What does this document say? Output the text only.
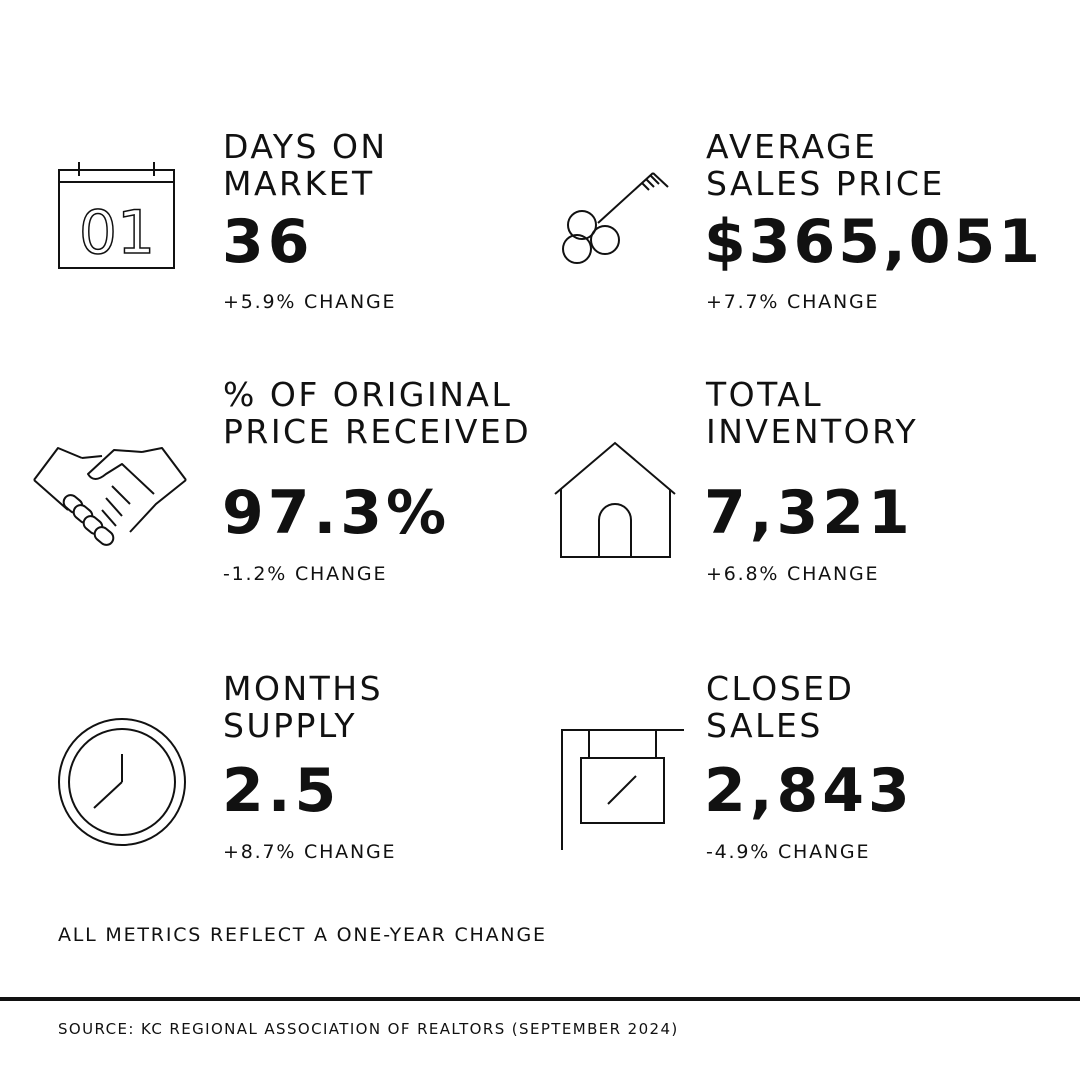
01
DAYS ON
MARKET
36
+5.9% CHANGE
AVERAGE
SALES PRICE
$365,051
+7.7% CHANGE
% OF ORIGINAL
PRICE RECEIVED
97.3%
-1.2% CHANGE
TOTAL
INVENTORY
7,321
+6.8% CHANGE
MONTHS
SUPPLY
2.5
+8.7% CHANGE
CLOSED
SALES
2,843
-4.9% CHANGE
ALL METRICS REFLECT A ONE-YEAR CHANGE
SOURCE: KC REGIONAL ASSOCIATION OF REALTORS (SEPTEMBER 2024)
